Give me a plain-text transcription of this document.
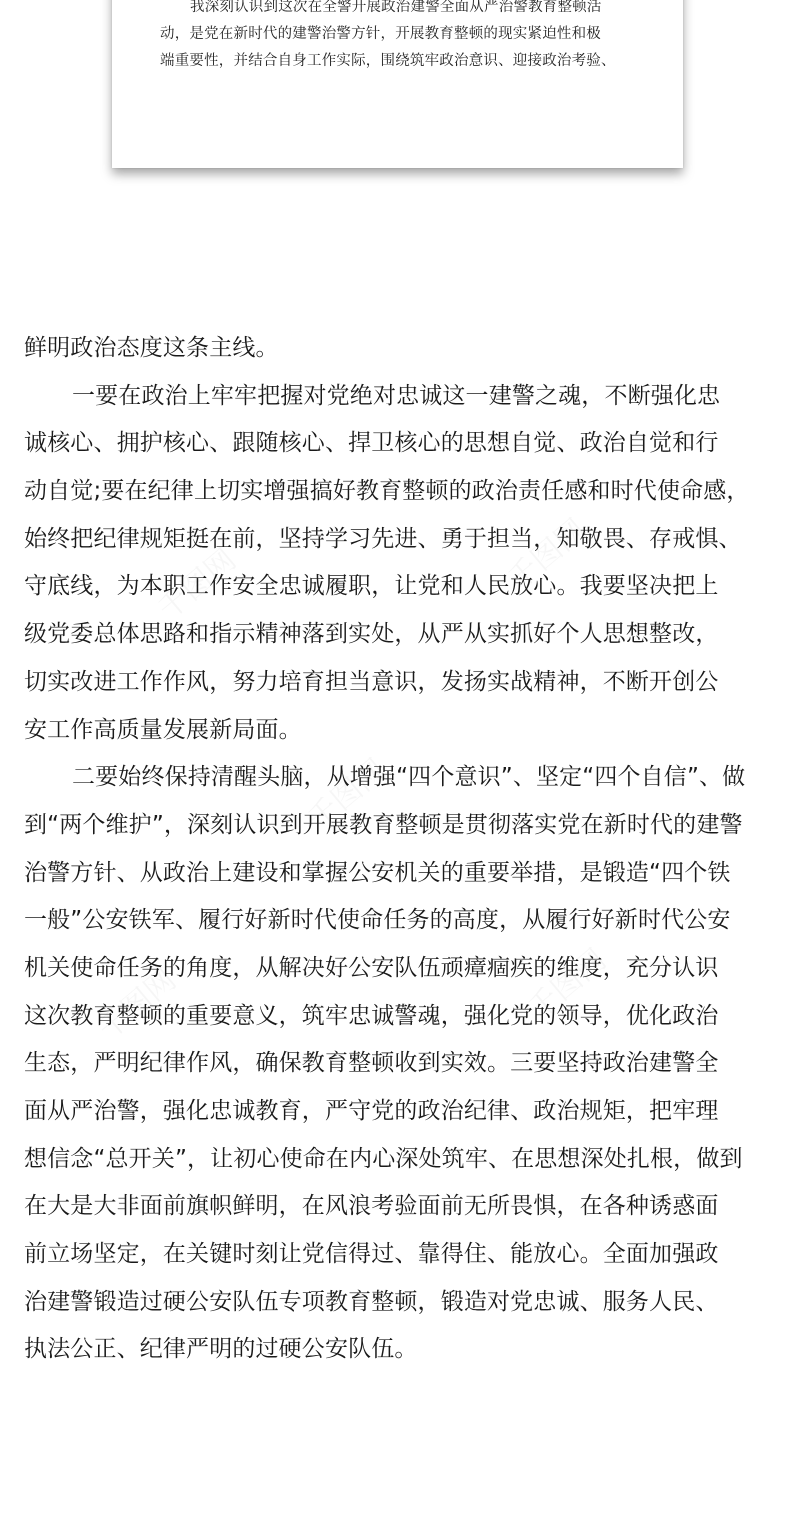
我深刻认识到这次在全警开展政治建警全面从严治警教育整顿活

动，是党在新时代的建警治警方针，开展教育整顿的现实紧迫性和极

端重要性，并结合自身工作实际，围绕筑牢政治意识、迎接政治考验、

鲜明政治态度这条主线。
一要在政治上牢牢把握对党绝对忠诚这一建警之魂，不断强化忠
诚核心、拥护核心、跟随核心、捍卫核心的思想自觉、政治自觉和行
动自觉;要在纪律上切实增强搞好教育整顿的政治责任感和时代使命感，
始终把纪律规矩挺在前，坚持学习先进、勇于担当，知敬畏、存戒惧、
守底线，为本职工作安全忠诚履职，让党和人民放心。我要坚决把上
级党委总体思路和指示精神落到实处，从严从实抓好个人思想整改，
切实改进工作作风，努力培育担当意识，发扬实战精神，不断开创公
安工作高质量发展新局面。
二要始终保持清醒头脑，从增强“四个意识”、坚定“四个自信”、做
到“两个维护”，深刻认识到开展教育整顿是贯彻落实党在新时代的建警
治警方针、从政治上建设和掌握公安机关的重要举措，是锻造“四个铁
一般”公安铁军、履行好新时代使命任务的高度，从履行好新时代公安
机关使命任务的角度，从解决好公安队伍顽瘴痼疾的维度，充分认识
这次教育整顿的重要意义，筑牢忠诚警魂，强化党的领导，优化政治
生态，严明纪律作风，确保教育整顿收到实效。三要坚持政治建警全
面从严治警，强化忠诚教育，严守党的政治纪律、政治规矩，把牢理
想信念“总开关”，让初心使命在内心深处筑牢、在思想深处扎根，做到
在大是大非面前旗帜鲜明，在风浪考验面前无所畏惧，在各种诱惑面
前立场坚定，在关键时刻让党信得过、靠得住、能放心。全面加强政
治建警锻造过硬公安队伍专项教育整顿，锻造对党忠诚、服务人民、
执法公正、纪律严明的过硬公安队伍。
